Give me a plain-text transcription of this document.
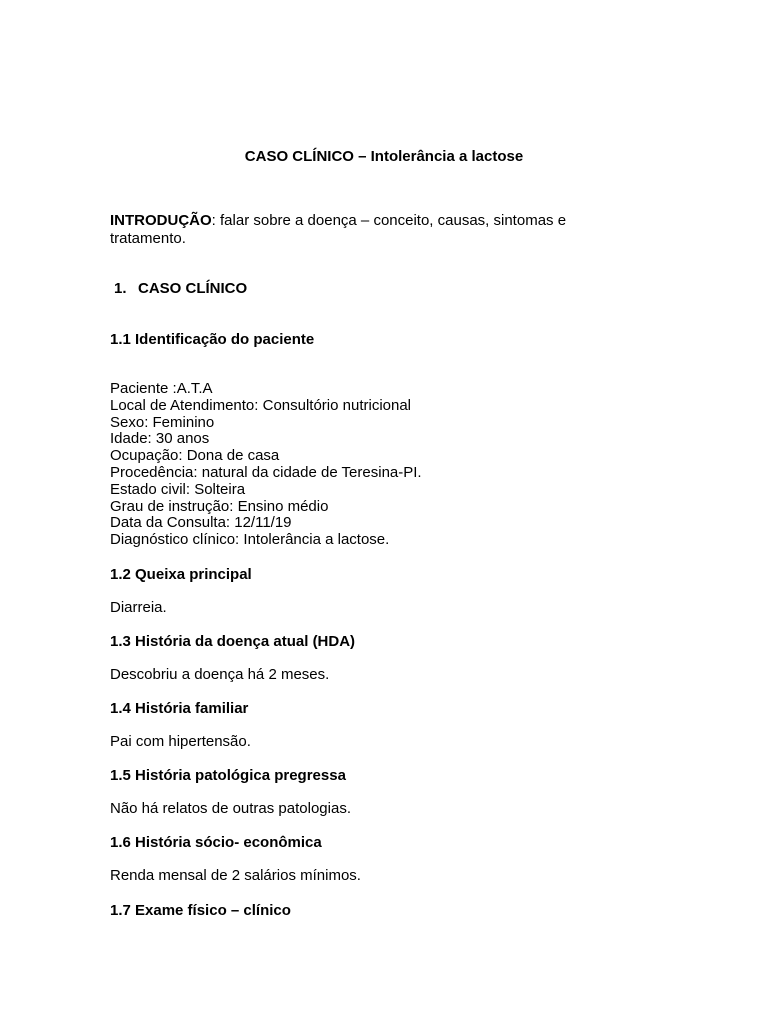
CASO CLÍNICO – Intolerância a lactose
INTRODUÇÃO: falar sobre a doença – conceito, causas, sintomas e tratamento.
1. CASO CLÍNICO
1.1 Identificação do paciente
Paciente :A.T.A
Local de Atendimento: Consultório nutricional
Sexo: Feminino
Idade: 30 anos
Ocupação: Dona de casa
Procedência: natural da cidade de Teresina-PI.
Estado civil: Solteira
Grau de instrução: Ensino médio
Data da Consulta: 12/11/19
Diagnóstico clínico: Intolerância a lactose.
1.2 Queixa principal
Diarreia.
1.3 História da doença atual (HDA)
Descobriu a doença há 2 meses.
1.4 História familiar
Pai com hipertensão.
1.5 História patológica pregressa
Não há relatos de outras patologias.
1.6 História sócio- econômica
Renda mensal de 2 salários mínimos.
1.7 Exame físico – clínico
